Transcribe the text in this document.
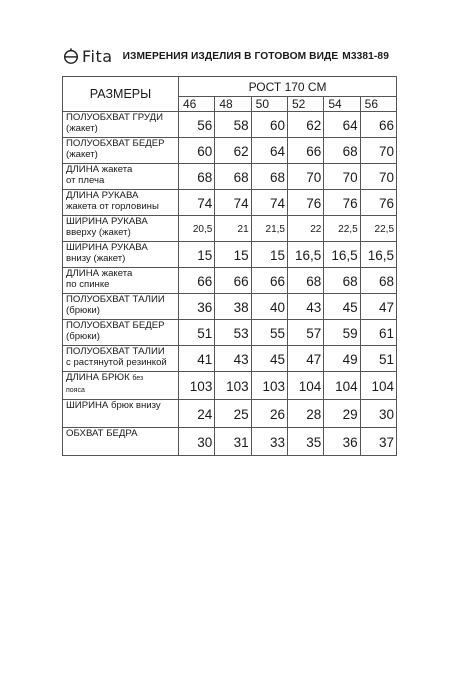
Fita ИЗМЕРЕНИЯ ИЗДЕЛИЯ В ГОТОВОМ ВИДЕ М3381-89
РАЗМЕРЫ	РОСТ 170 СМ					
	46	48	50	52	54	56
ПОЛУОБХВАТ ГРУДИ
(жакет)	56	58	60	62	64	66
ПОЛУОБХВАТ БЕДЕР
(жакет)	60	62	64	66	68	70
ДЛИНА жакета
от плеча	68	68	68	70	70	70
ДЛИНА РУКАВА
жакета от горловины	74	74	74	76	76	76
ШИРИНА РУКАВА
вверху (жакет)	20,5	21	21,5	22	22,5	22,5
ШИРИНА РУКАВА
внизу (жакет)	15	15	15	16,5	16,5	16,5
ДЛИНА жакета
по спинке	66	66	66	68	68	68
ПОЛУОБХВАТ ТАЛИИ
(брюки)	36	38	40	43	45	47
ПОЛУОБХВАТ БЕДЕР
(брюки)	51	53	55	57	59	61
ПОЛУОБХВАТ ТАЛИИ
с растянутой резинкой	41	43	45	47	49	51
ДЛИНА БРЮК без
пояса	103	103	103	104	104	104
ШИРИНА брюк внизу	24	25	26	28	29	30
ОБХВАТ БЕДРА	30	31	33	35	36	37
